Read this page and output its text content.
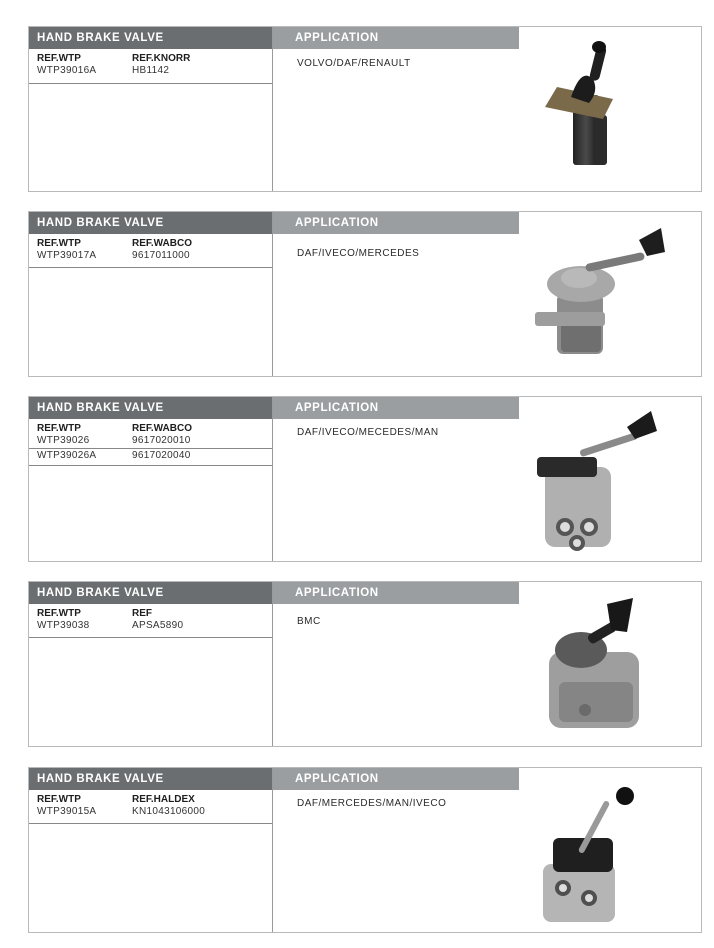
HAND BRAKE VALVE	APPLICATION
REF.WTP	REF.KNORR
WTP39016A	HB1142
VOLVO/DAF/RENAULT
HAND BRAKE VALVE	APPLICATION
REF.WTP	REF.WABCO
WTP39017A	9617011000	DAF/IVECO/MERCEDES
HAND BRAKE VALVE	APPLICATION
REF.WTP	REF.WABCO
WTP39026	9617020010
WTP39026A	9617020040
DAF/IVECO/MECEDES/MAN
HAND BRAKE VALVE	APPLICATION
REF.WTP	REF
WTP39038	APSA5890	BMC
HAND BRAKE VALVE	APPLICATION
REF.WTP	REF.HALDEX
WTP39015A	KN1043106000
DAF/MERCEDES/MAN/IVECO
